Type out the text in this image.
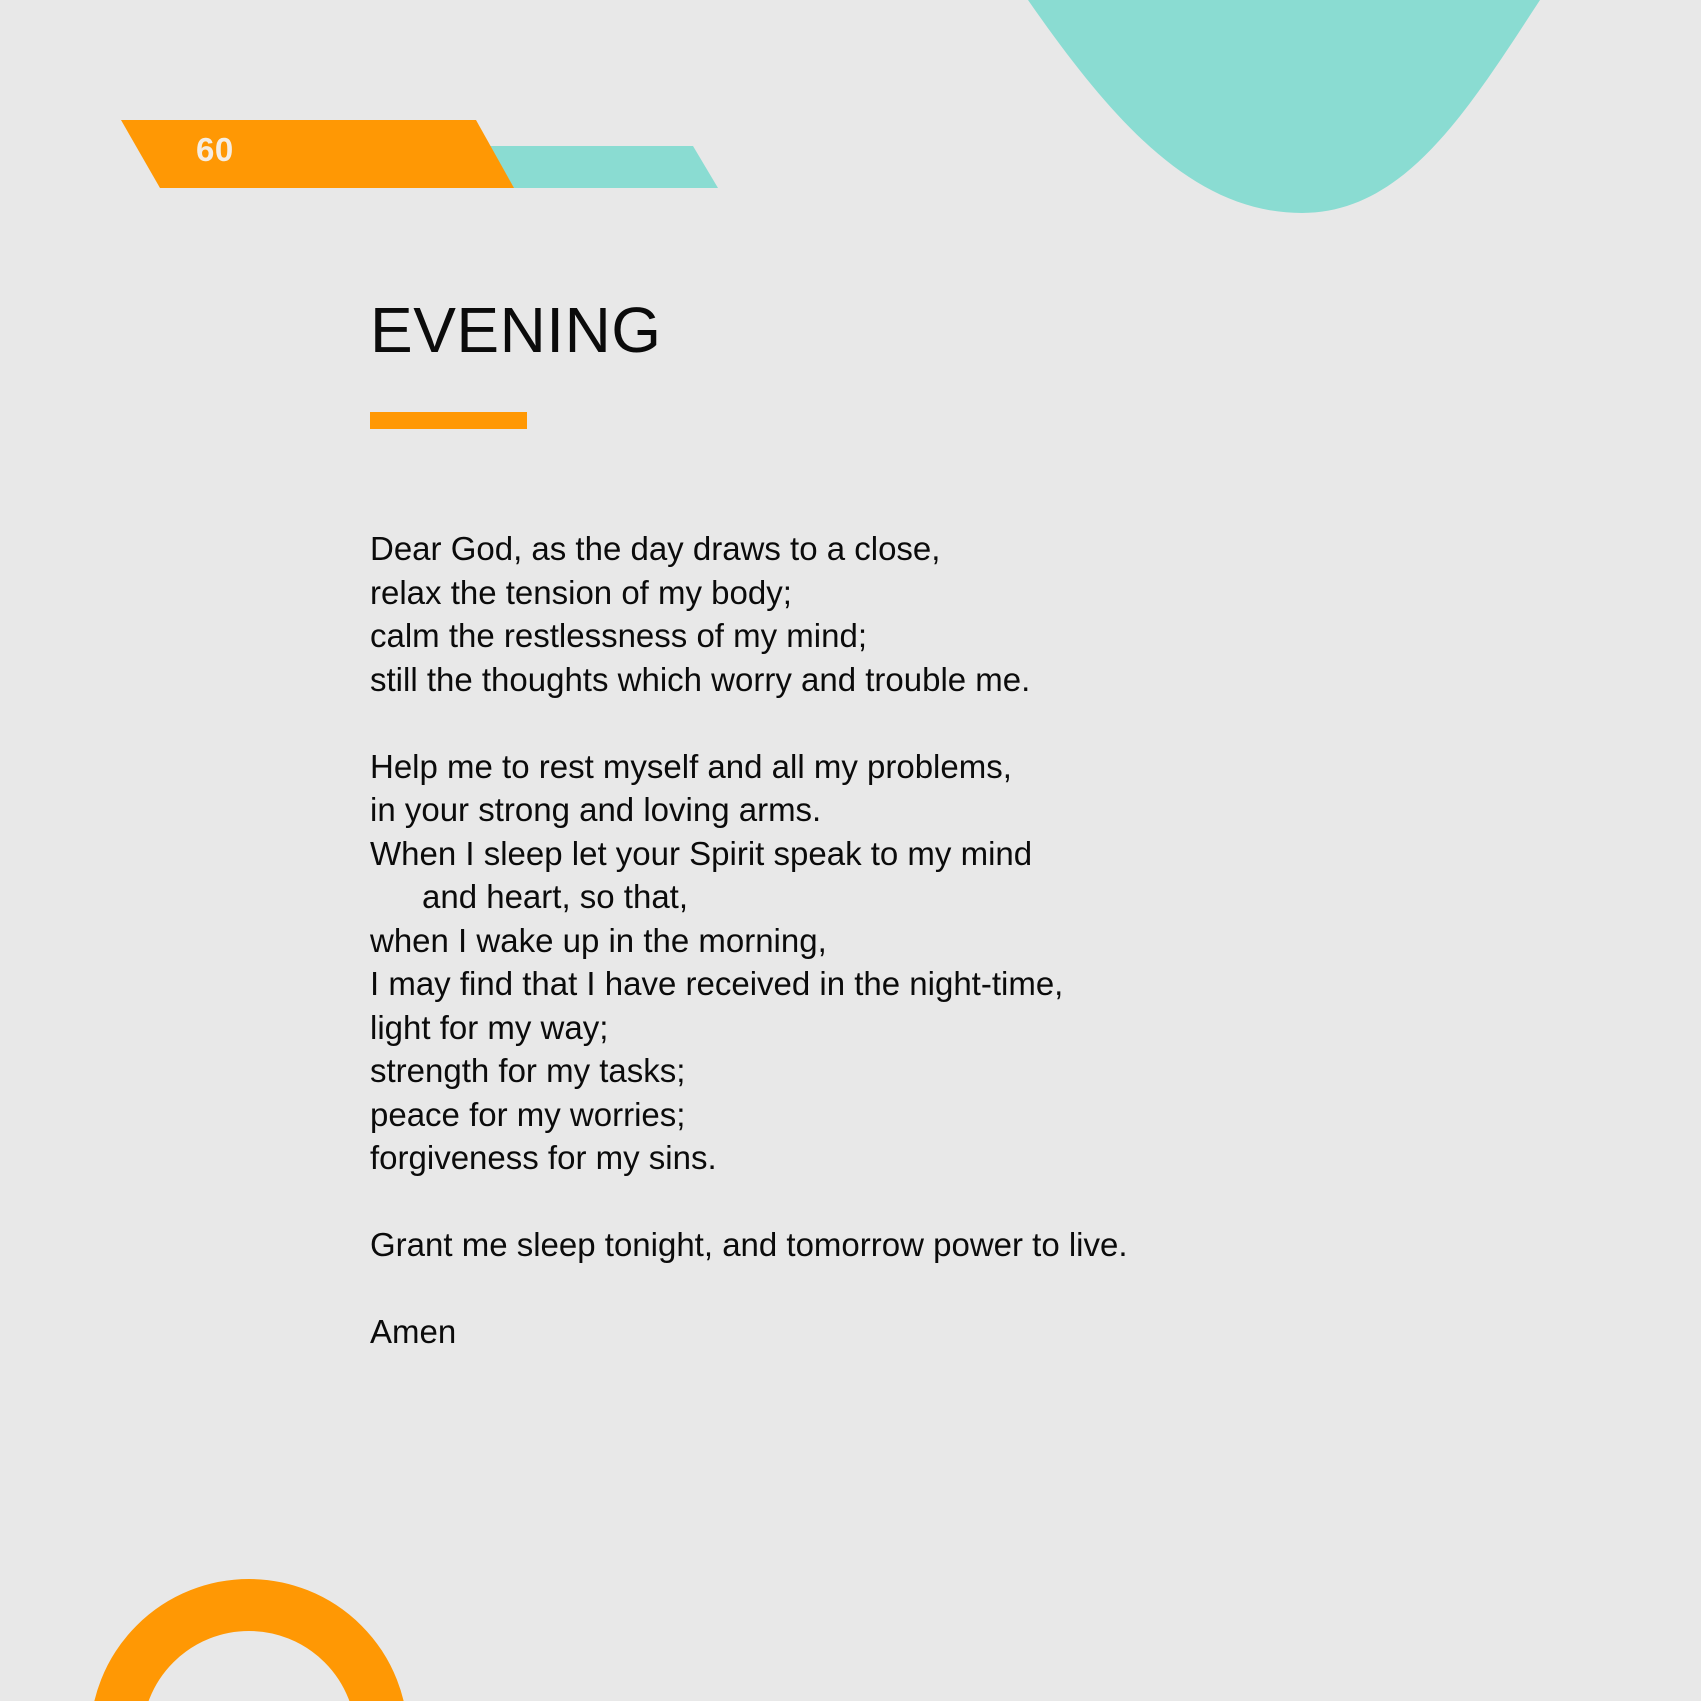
60
EVENING
Dear God, as the day draws to a close,
relax the tension of my body;
calm the restlessness of my mind;
still the thoughts which worry and trouble me.
Help me to rest myself and all my problems,
in your strong and loving arms.
When I sleep let your Spirit speak to my mind
and heart, so that,
when I wake up in the morning,
I may find that I have received in the night-time,
light for my way;
strength for my tasks;
peace for my worries;
forgiveness for my sins.
Grant me sleep tonight, and tomorrow power to live.
Amen
